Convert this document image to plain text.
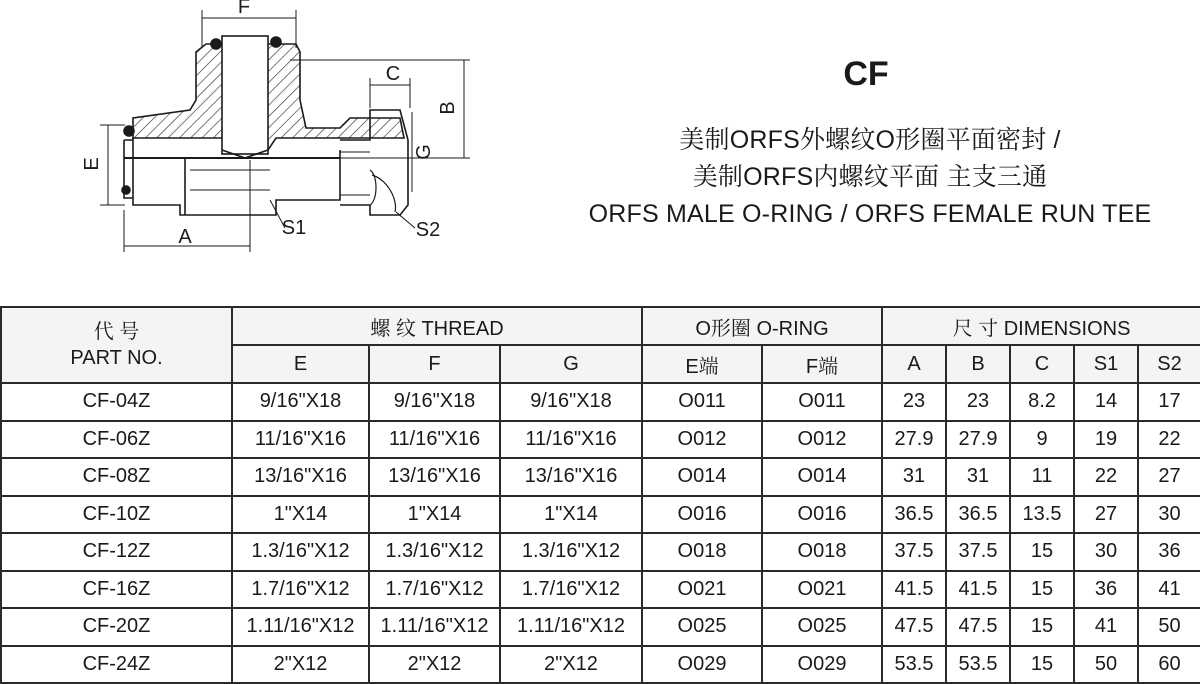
F
C
B
G
E
A	S1	S2
CF
美制ORFS外螺纹O形圈平面密封 /
美制ORFS内螺纹平面 主支三通
ORFS MALE O-RING / ORFS FEMALE RUN TEE
代 号
PART NO.	螺 纹 THREAD			O形圈 O-RING		尺 寸 DIMENSIONS				
	E	F	G	E端	F端	A	B	C	S1	S2
CF-04Z	9/16"X18	9/16"X18	9/16"X18	O011	O011	23	23	8.2	14	17
CF-06Z	11/16"X16	11/16"X16	11/16"X16	O012	O012	27.9	27.9	9	19	22
CF-08Z	13/16"X16	13/16"X16	13/16"X16	O014	O014	31	31	11	22	27
CF-10Z	1"X14	1"X14	1"X14	O016	O016	36.5	36.5	13.5	27	30
CF-12Z	1.3/16"X12	1.3/16"X12	1.3/16"X12	O018	O018	37.5	37.5	15	30	36
CF-16Z	1.7/16"X12	1.7/16"X12	1.7/16"X12	O021	O021	41.5	41.5	15	36	41
CF-20Z	1.11/16"X12	1.11/16"X12	1.11/16"X12	O025	O025	47.5	47.5	15	41	50
CF-24Z	2"X12	2"X12	2"X12	O029	O029	53.5	53.5	15	50	60
